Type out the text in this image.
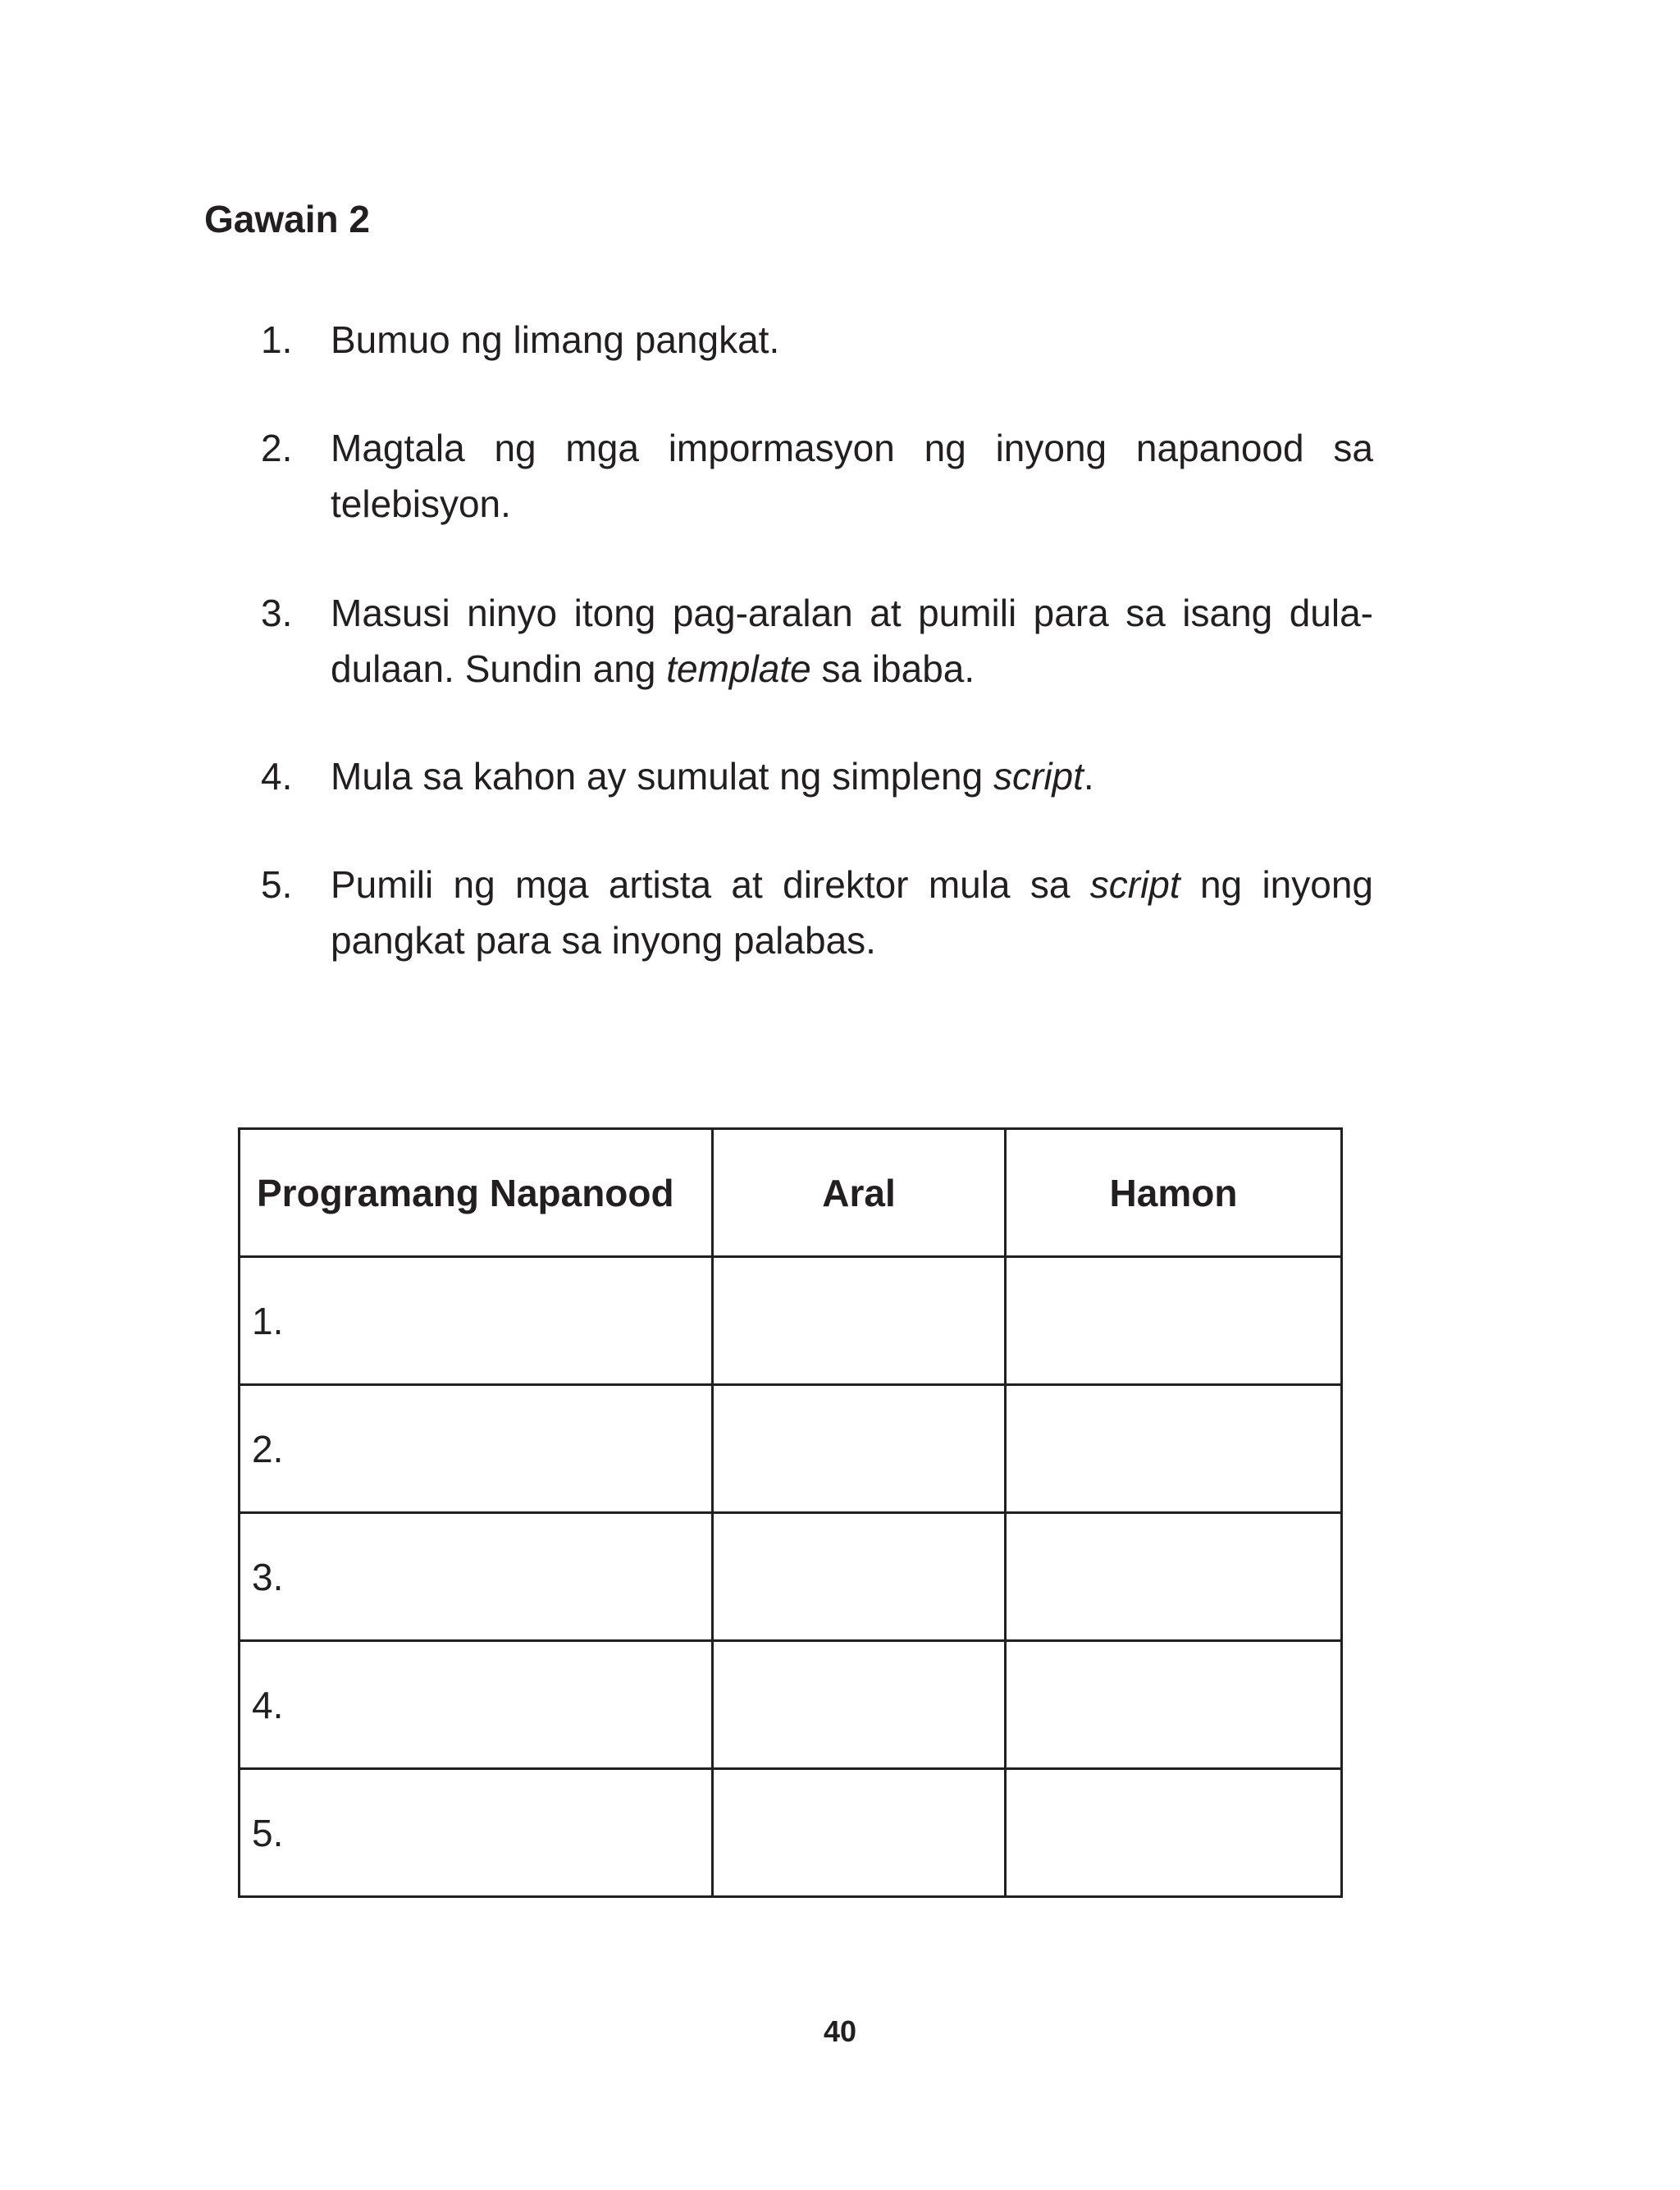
Gawain 2
1.	Bumuo ng limang pangkat.
2.	Magtala ng mga impormasyon ng inyong napanood sa telebisyon.
3.	Masusi ninyo itong pag-aralan at pumili para sa isang dula-dulaan. Sundin ang template sa ibaba.
4.	Mula sa kahon ay sumulat ng simpleng script.
5.	Pumili ng mga artista at direktor mula sa script ng inyong pangkat para sa inyong palabas.
Programang Napanood	Aral	Hamon
1.		
2.		
3.		
4.		
5.		
40
